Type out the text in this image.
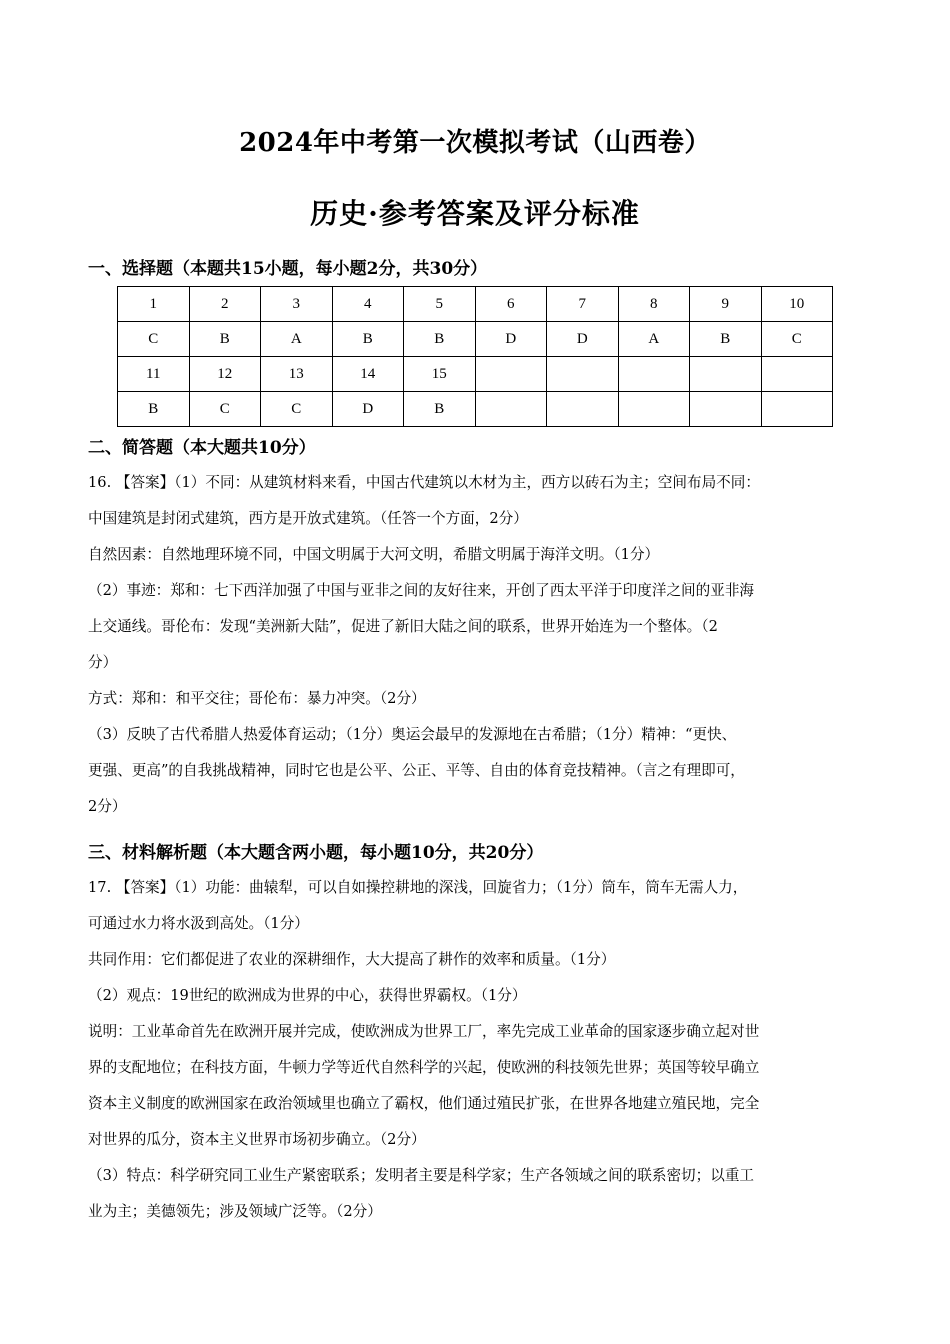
2024年中考第一次模拟考试（山西卷）
历史·参考答案及评分标准
一、选择题（本题共15小题，每小题2分，共30分）
1	2	3	4	5	6	7	8	9	10
C	B	A	B	B	D	D	A	B	C
11	12	13	14	15					
B	C	C	D	B					
二、简答题（本大题共10分）

16. 【答案】（1）不同：从建筑材料来看，中国古代建筑以木材为主，西方以砖石为主；空间布局不同：

中国建筑是封闭式建筑，西方是开放式建筑。（任答一个方面，2分）

自然因素：自然地理环境不同，中国文明属于大河文明，希腊文明属于海洋文明。（1分）

（2）事迹：郑和：七下西洋加强了中国与亚非之间的友好往来，开创了西太平洋于印度洋之间的亚非海

上交通线。哥伦布：发现“美洲新大陆”，促进了新旧大陆之间的联系，世界开始连为一个整体。（2

分）

方式：郑和：和平交往；哥伦布：暴力冲突。（2分）

（3）反映了古代希腊人热爱体育运动；（1分）奥运会最早的发源地在古希腊；（1分）精神：“更快、

更强、更高”的自我挑战精神，同时它也是公平、公正、平等、自由的体育竞技精神。（言之有理即可，

2分）

三、材料解析题（本大题含两小题，每小题10分，共20分）

17. 【答案】（1）功能：曲辕犁，可以自如操控耕地的深浅，回旋省力；（1分）筒车，筒车无需人力，

可通过水力将水汲到高处。（1分）

共同作用：它们都促进了农业的深耕细作，大大提高了耕作的效率和质量。（1分）

（2）观点：19世纪的欧洲成为世界的中心，获得世界霸权。（1分）

说明：工业革命首先在欧洲开展并完成，使欧洲成为世界工厂，率先完成工业革命的国家逐步确立起对世

界的支配地位；在科技方面，牛顿力学等近代自然科学的兴起，使欧洲的科技领先世界；英国等较早确立

资本主义制度的欧洲国家在政治领域里也确立了霸权，他们通过殖民扩张，在世界各地建立殖民地，完全

对世界的瓜分，资本主义世界市场初步确立。（2分）

（3）特点：科学研究同工业生产紧密联系；发明者主要是科学家；生产各领域之间的联系密切；以重工

业为主；美德领先；涉及领域广泛等。（2分）
